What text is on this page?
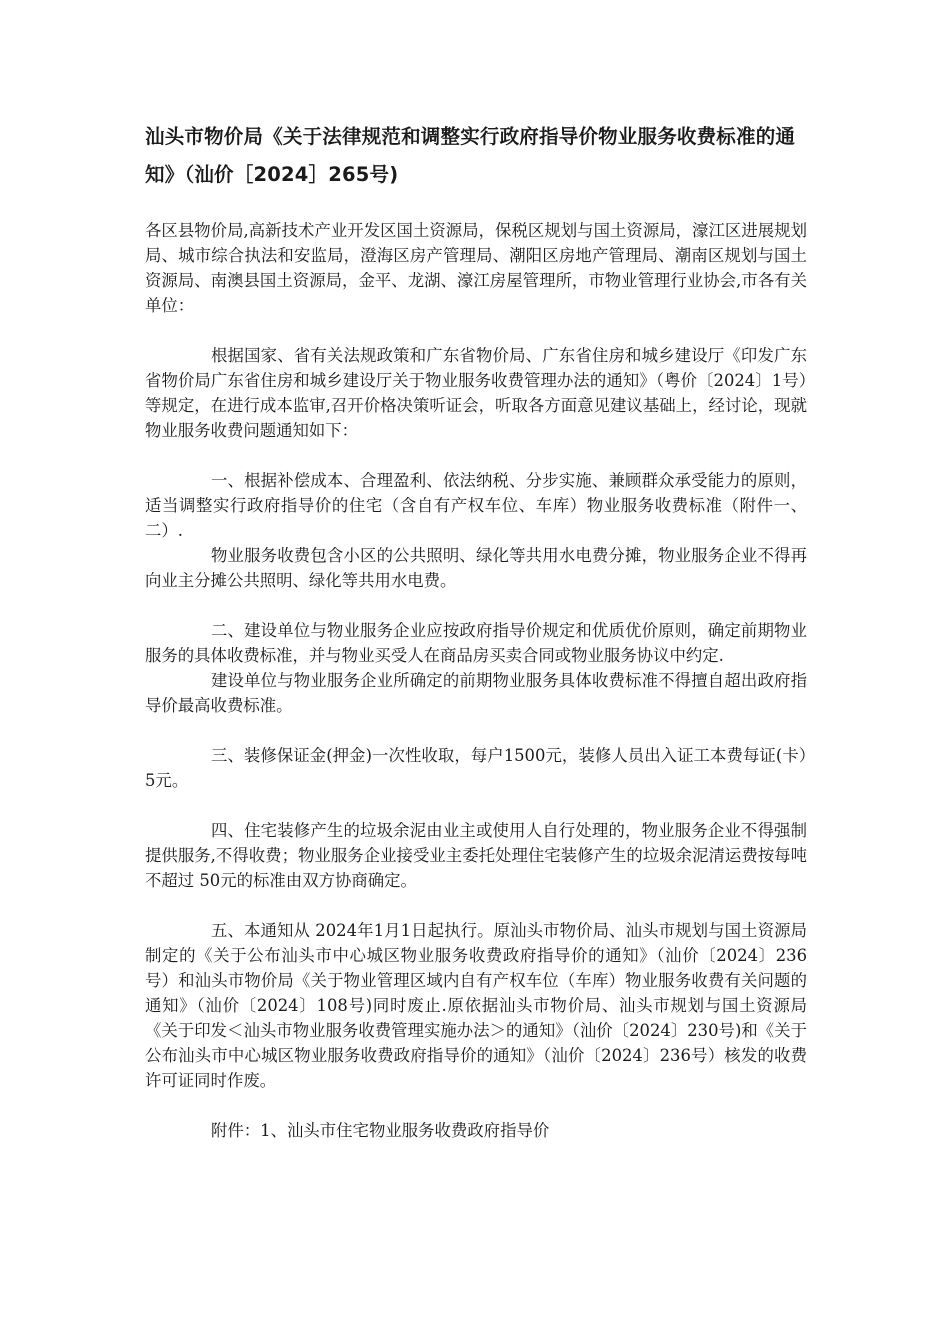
汕头市物价局《关于法律规范和调整实行政府指导价物业服务收费标准的通知》（汕价［2024］265号)

各区县物价局,高新技术产业开发区国土资源局，保税区规划与国土资源局，濠江区进展规划局、城市综合执法和安监局，澄海区房产管理局、潮阳区房地产管理局、潮南区规划与国土资源局、南澳县国土资源局，金平、龙湖、濠江房屋管理所，市物业管理行业协会,市各有关单位：

根据国家、省有关法规政策和广东省物价局、广东省住房和城乡建设厅《印发广东省物价局广东省住房和城乡建设厅关于物业服务收费管理办法的通知》（粤价〔2024〕1号）等规定，在进行成本监审,召开价格决策听证会，听取各方面意见建议基础上，经讨论，现就物业服务收费问题通知如下：

一、根据补偿成本、合理盈利、依法纳税、分步实施、兼顾群众承受能力的原则，适当调整实行政府指导价的住宅（含自有产权车位、车库）物业服务收费标准（附件一、二）.

物业服务收费包含小区的公共照明、绿化等共用水电费分摊，物业服务企业不得再向业主分摊公共照明、绿化等共用水电费。

二、建设单位与物业服务企业应按政府指导价规定和优质优价原则，确定前期物业服务的具体收费标准，并与物业买受人在商品房买卖合同或物业服务协议中约定.

建设单位与物业服务企业所确定的前期物业服务具体收费标准不得擅自超出政府指导价最高收费标准。

三、装修保证金(押金)一次性收取，每户1500元，装修人员出入证工本费每证(卡）5元。

四、住宅装修产生的垃圾余泥由业主或使用人自行处理的，物业服务企业不得强制提供服务,不得收费；物业服务企业接受业主委托处理住宅装修产生的垃圾余泥清运费按每吨不超过 50元的标准由双方协商确定。

五、本通知从 2024年1月1日起执行。原汕头市物价局、汕头市规划与国土资源局制定的《关于公布汕头市中心城区物业服务收费政府指导价的通知》（汕价〔2024〕236号）和汕头市物价局《关于物业管理区域内自有产权车位（车库）物业服务收费有关问题的通知》（汕价〔2024〕108号)同时废止.原依据汕头市物价局、汕头市规划与国土资源局《关于印发＜汕头市物业服务收费管理实施办法＞的通知》（汕价〔2024〕230号)和《关于公布汕头市中心城区物业服务收费政府指导价的通知》（汕价〔2024〕236号）核发的收费许可证同时作废。

附件：1、汕头市住宅物业服务收费政府指导价
